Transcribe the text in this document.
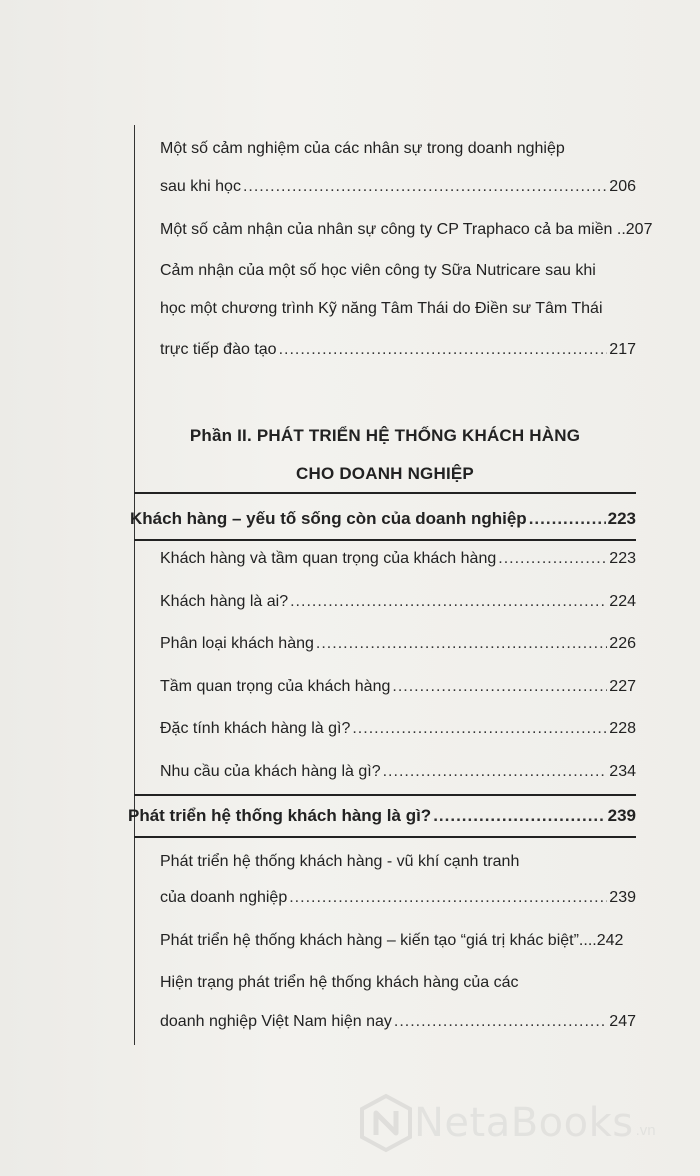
Một số cảm nghiệm của các nhân sự trong doanh nghiệp
sau khi học .....	206
Một số cảm nhận của nhân sự công ty CP Traphaco cả ba miền .. 207
Cảm nhận của một số học viên công ty Sữa Nutricare sau khi
học một chương trình Kỹ năng Tâm Thái do Điền sư Tâm Thái
trực tiếp đào tạo .....	217
Phần II. PHÁT TRIỂN HỆ THỐNG KHÁCH HÀNG
CHO DOANH NGHIỆP
Khách hàng – yếu tố sống còn của doanh nghiệp .....	223
Khách hàng và tầm quan trọng của khách hàng .....	223
Khách hàng là ai? .....	224
Phân loại khách hàng .....	226
Tầm quan trọng của khách hàng .....	227
Đặc tính khách hàng là gì? .....	228
Nhu cầu của khách hàng là gì? .....	234
Phát triển hệ thống khách hàng là gì? .....	239
Phát triển hệ thống khách hàng - vũ khí cạnh tranh
của doanh nghiệp .....	239
Phát triển hệ thống khách hàng – kiến tạo “giá trị khác biệt”.... 242
Hiện trạng phát triển hệ thống khách hàng của các
doanh nghiệp Việt Nam hiện nay .....	247
NetaBooks .vn
